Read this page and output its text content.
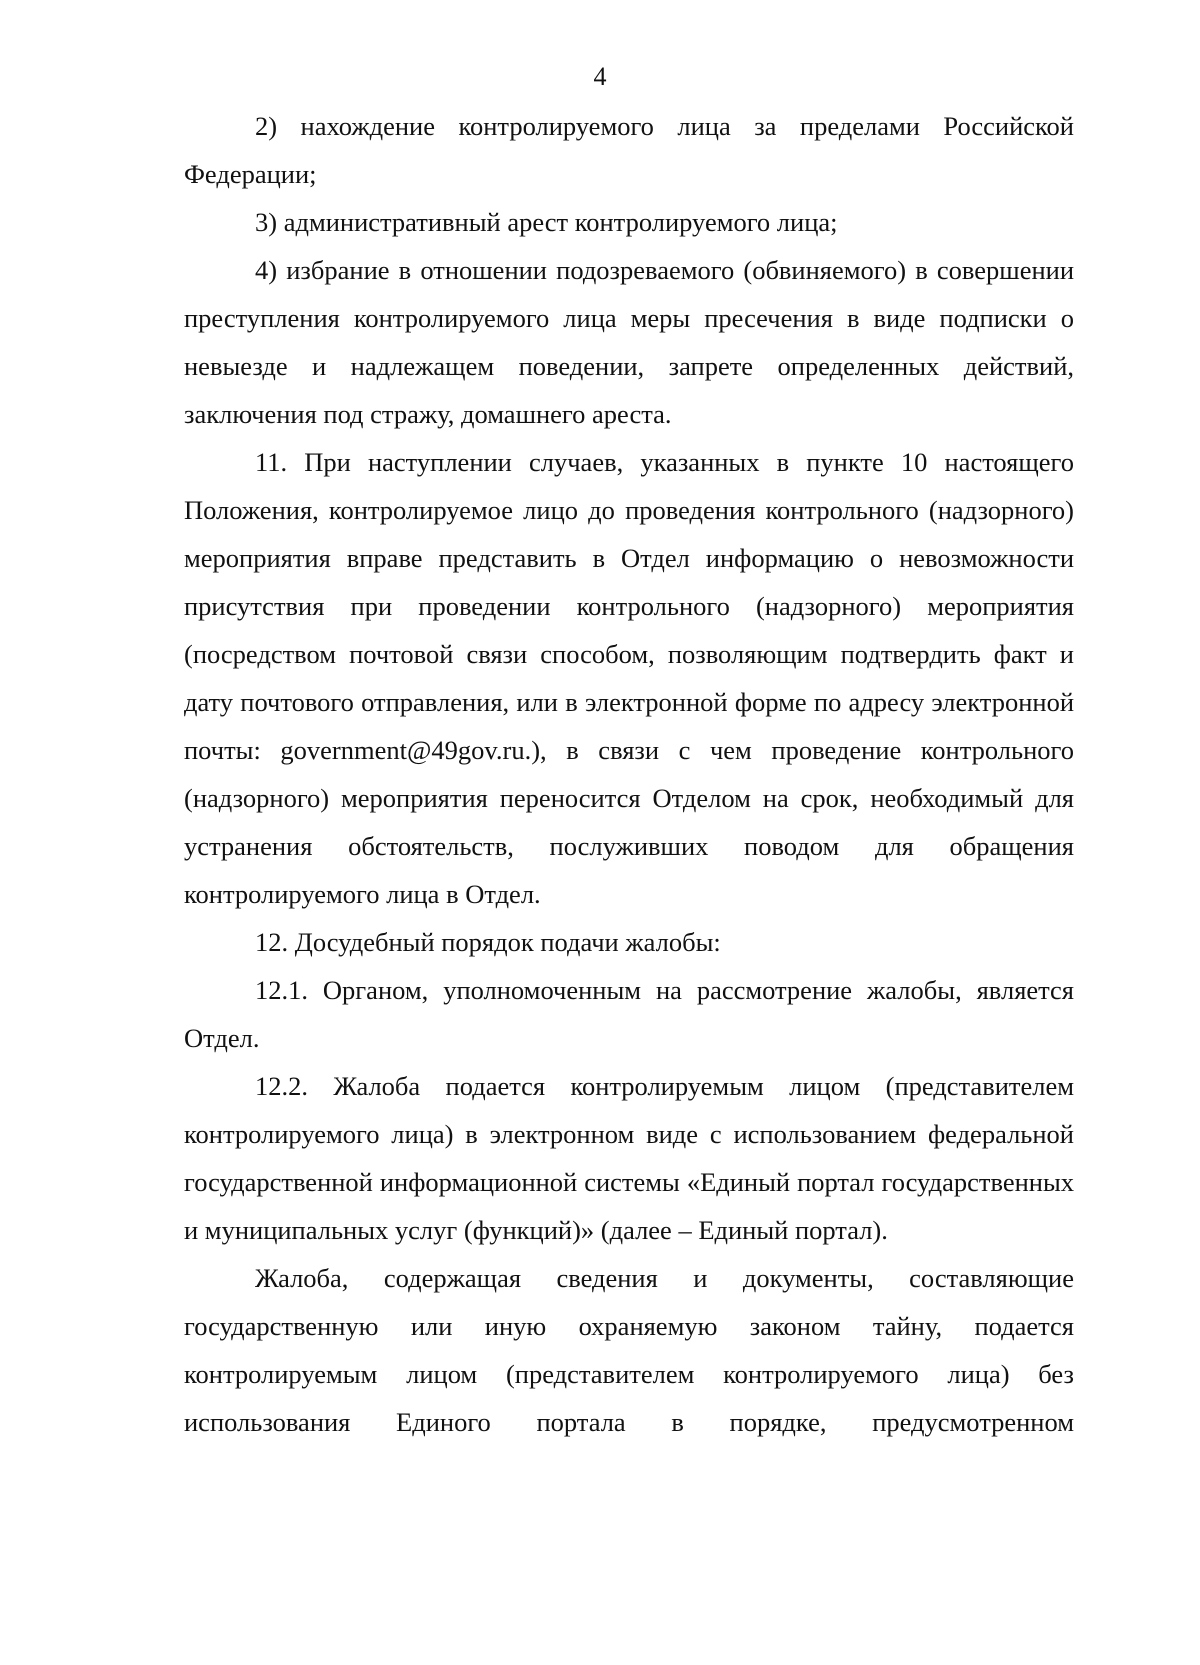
4

2) нахождение контролируемого лица за пределами Российской Федерации;

3) административный арест контролируемого лица;

4) избрание в отношении подозреваемого (обвиняемого) в совершении преступления контролируемого лица меры пресечения в виде подписки о невыезде и надлежащем поведении, запрете определенных действий, заключения под стражу, домашнего ареста.

11. При наступлении случаев, указанных в пункте 10 настоящего Положения, контролируемое лицо до проведения контрольного (надзорного) мероприятия вправе представить в Отдел информацию о невозможности присутствия при проведении контрольного (надзорного) мероприятия (посредством почтовой связи способом, позволяющим подтвердить факт и дату почтового отправления, или в электронной форме по адресу электронной почты: government@49gov.ru.), в связи с чем проведение контрольного (надзорного) мероприятия переносится Отделом на срок, необходимый для устранения обстоятельств, послуживших поводом для обращения контролируемого лица в Отдел.

12. Досудебный порядок подачи жалобы:

12.1. Органом, уполномоченным на рассмотрение жалобы, является Отдел.

12.2. Жалоба подается контролируемым лицом (представителем контролируемого лица) в электронном виде с использованием федеральной государственной информационной системы «Единый портал государственных и муниципальных услуг (функций)» (далее – Единый портал).

Жалоба, содержащая сведения и документы, составляющие государственную или иную охраняемую законом тайну, подается контролируемым лицом (представителем контролируемого лица) без использования Единого портала в порядке, предусмотренном
